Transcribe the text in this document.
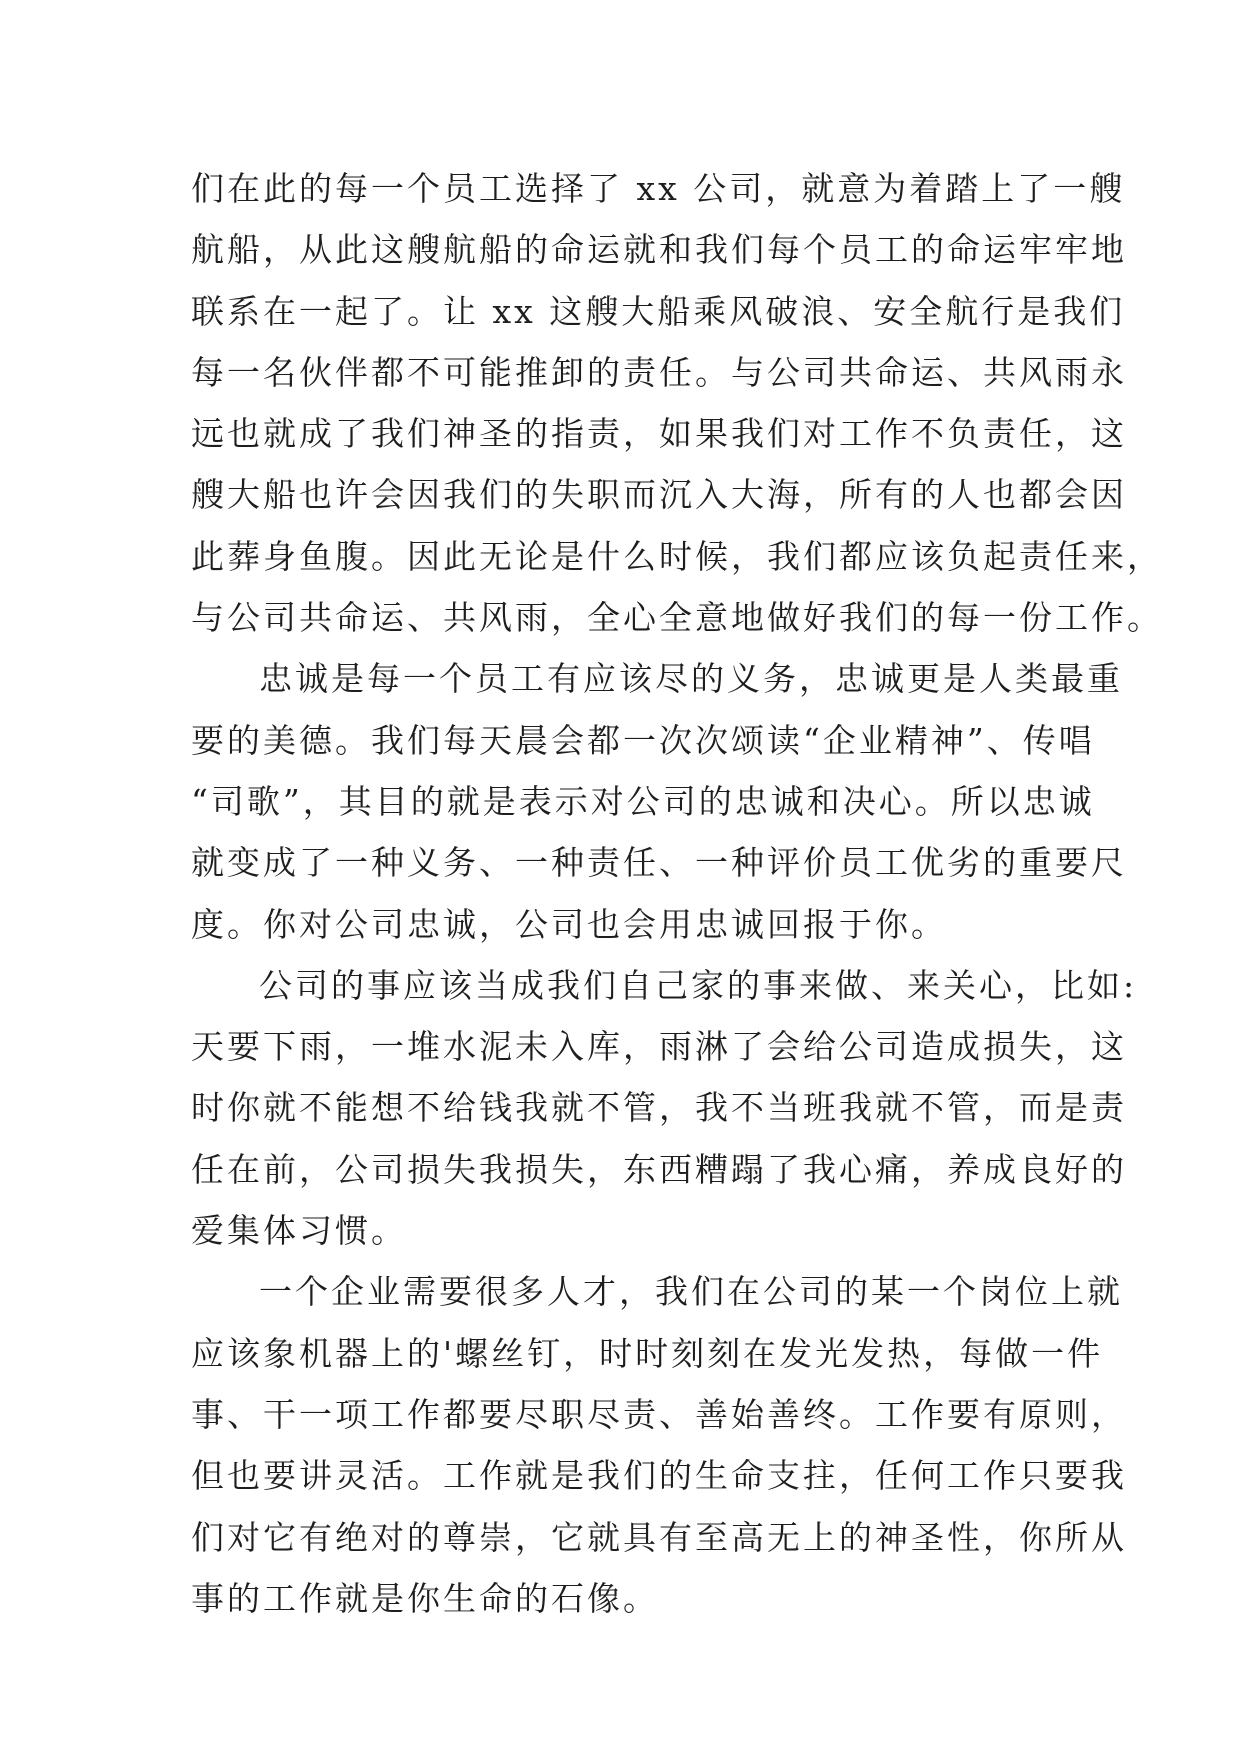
们在此的每一个员工选择了 xx 公司，就意为着踏上了一艘
航船，从此这艘航船的命运就和我们每个员工的命运牢牢地
联系在一起了。让 xx 这艘大船乘风破浪、安全航行是我们
每一名伙伴都不可能推卸的责任。与公司共命运、共风雨永
远也就成了我们神圣的指责，如果我们对工作不负责任，这
艘大船也许会因我们的失职而沉入大海，所有的人也都会因
此葬身鱼腹。因此无论是什么时候，我们都应该负起责任来，
与公司共命运、共风雨，全心全意地做好我们的每一份工作。
忠诚是每一个员工有应该尽的义务，忠诚更是人类最重
要的美德。我们每天晨会都一次次颂读“企业精神”、传唱
“司歌”，其目的就是表示对公司的忠诚和决心。所以忠诚
就变成了一种义务、一种责任、一种评价员工优劣的重要尺
度。你对公司忠诚，公司也会用忠诚回报于你。
公司的事应该当成我们自己家的事来做、来关心，比如:
天要下雨，一堆水泥未入库，雨淋了会给公司造成损失，这
时你就不能想不给钱我就不管，我不当班我就不管，而是责
任在前，公司损失我损失，东西糟蹋了我心痛，养成良好的
爱集体习惯。
一个企业需要很多人才，我们在公司的某一个岗位上就
应该象机器上的'螺丝钉，时时刻刻在发光发热，每做一件
事、干一项工作都要尽职尽责、善始善终。工作要有原则，
但也要讲灵活。工作就是我们的生命支拄，任何工作只要我
们对它有绝对的尊崇，它就具有至高无上的神圣性，你所从
事的工作就是你生命的石像。
